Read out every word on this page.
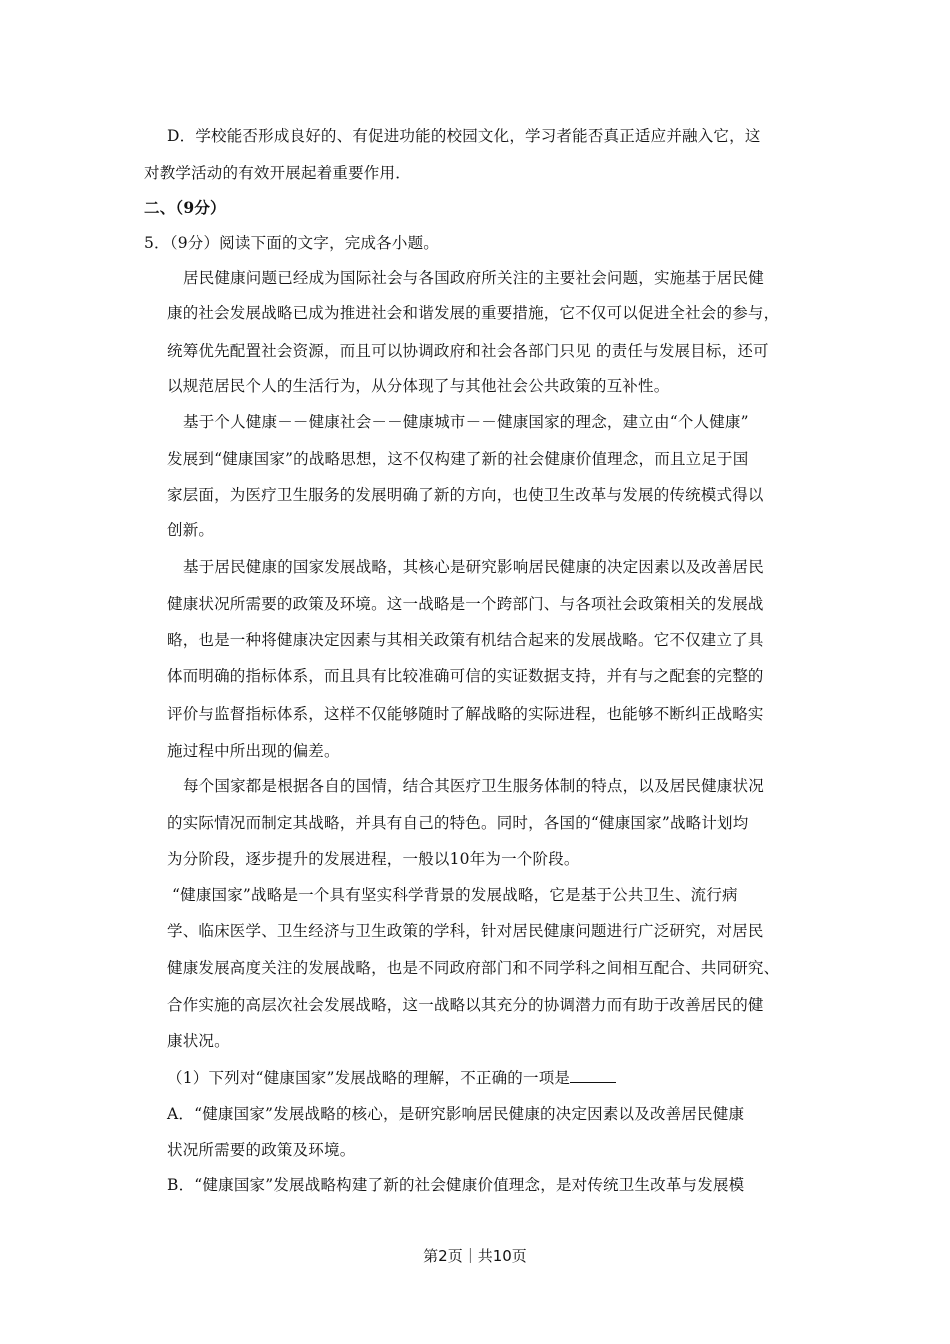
D．学校能否形成良好的、有促进功能的校园文化，学习者能否真正适应并融入它，这
对教学活动的有效开展起着重要作用．
二、（9分）
5．（9分）阅读下面的文字，完成各小题。
居民健康问题已经成为国际社会与各国政府所关注的主要社会问题，实施基于居民健
康的社会发展战略已成为推进社会和谐发展的重要措施，它不仅可以促进全社会的参与，
统筹优先配置社会资源，而且可以协调政府和社会各部门只见 的责任与发展目标，还可
以规范居民个人的生活行为，从分体现了与其他社会公共政策的互补性。
基于个人健康－－健康社会－－健康城市－－健康国家的理念，建立由“个人健康”
发展到“健康国家”的战略思想，这不仅构建了新的社会健康价值理念，而且立足于国
家层面，为医疗卫生服务的发展明确了新的方向，也使卫生改革与发展的传统模式得以
创新。
基于居民健康的国家发展战略，其核心是研究影响居民健康的决定因素以及改善居民
健康状况所需要的政策及环境。这一战略是一个跨部门、与各项社会政策相关的发展战
略，也是一种将健康决定因素与其相关政策有机结合起来的发展战略。它不仅建立了具
体而明确的指标体系，而且具有比较准确可信的实证数据支持，并有与之配套的完整的
评价与监督指标体系，这样不仅能够随时了解战略的实际进程，也能够不断纠正战略实
施过程中所出现的偏差。
每个国家都是根据各自的国情，结合其医疗卫生服务体制的特点，以及居民健康状况
的实际情况而制定其战略，并具有自己的特色。同时，各国的“健康国家”战略计划均
为分阶段，逐步提升的发展进程，一般以10年为一个阶段。
“健康国家”战略是一个具有坚实科学背景的发展战略，它是基于公共卫生、流行病
学、临床医学、卫生经济与卫生政策的学科，针对居民健康问题进行广泛研究，对居民
健康发展高度关注的发展战略，也是不同政府部门和不同学科之间相互配合、共同研究、
合作实施的高层次社会发展战略，这一战略以其充分的协调潜力而有助于改善居民的健
康状况。
（1）下列对“健康国家”发展战略的理解，不正确的一项是
A．“健康国家”发展战略的核心，是研究影响居民健康的决定因素以及改善居民健康
状况所需要的政策及环境。
B．“健康国家”发展战略构建了新的社会健康价值理念，是对传统卫生改革与发展模
第2页｜共10页
